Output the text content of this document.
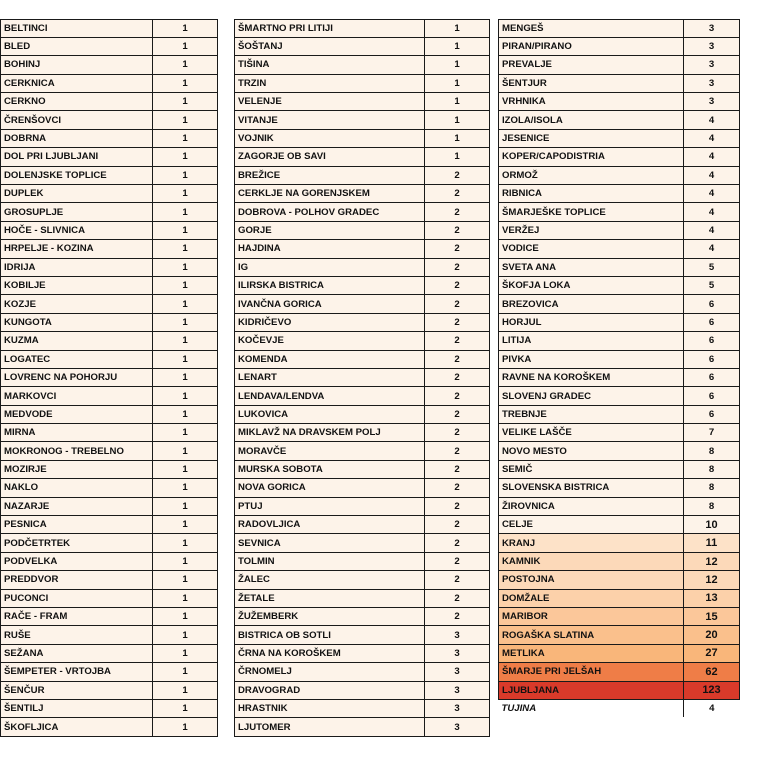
BELTINCI	1
BLED	1
BOHINJ	1
CERKNICA	1
CERKNO	1
ČRENŠOVCI	1
DOBRNA	1
DOL PRI LJUBLJANI	1
DOLENJSKE TOPLICE	1
DUPLEK	1
GROSUPLJE	1
HOČE - SLIVNICA	1
HRPELJE - KOZINA	1
IDRIJA	1
KOBILJE	1
KOZJE	1
KUNGOTA	1
KUZMA	1
LOGATEC	1
LOVRENC NA POHORJU	1
MARKOVCI	1
MEDVODE	1
MIRNA	1
MOKRONOG - TREBELNO	1
MOZIRJE	1
NAKLO	1
NAZARJE	1
PESNICA	1
PODČETRTEK	1
PODVELKA	1
PREDDVOR	1
PUCONCI	1
RAČE - FRAM	1
RUŠE	1
SEŽANA	1
ŠEMPETER - VRTOJBA	1
ŠENČUR	1
ŠENTILJ	1
ŠKOFLJICA	1
ŠMARTNO PRI LITIJI	1
ŠOŠTANJ	1
TIŠINA	1
TRZIN	1
VELENJE	1
VITANJE	1
VOJNIK	1
ZAGORJE OB SAVI	1
BREŽICE	2
CERKLJE NA GORENJSKEM	2
DOBROVA - POLHOV GRADEC	2
GORJE	2
HAJDINA	2
IG	2
ILIRSKA BISTRICA	2
IVANČNA GORICA	2
KIDRIČEVO	2
KOČEVJE	2
KOMENDA	2
LENART	2
LENDAVA/LENDVA	2
LUKOVICA	2
MIKLAVŽ NA DRAVSKEM POLJ	2
MORAVČE	2
MURSKA SOBOTA	2
NOVA GORICA	2
PTUJ	2
RADOVLJICA	2
SEVNICA	2
TOLMIN	2
ŽALEC	2
ŽETALE	2
ŽUŽEMBERK	2
BISTRICA OB SOTLI	3
ČRNA NA KOROŠKEM	3
ČRNOMELJ	3
DRAVOGRAD	3
HRASTNIK	3
LJUTOMER	3
MENGEŠ	3
PIRAN/PIRANO	3
PREVALJE	3
ŠENTJUR	3
VRHNIKA	3
IZOLA/ISOLA	4
JESENICE	4
KOPER/CAPODISTRIA	4
ORMOŽ	4
RIBNICA	4
ŠMARJEŠKE TOPLICE	4
VERŽEJ	4
VODICE	4
SVETA ANA	5
ŠKOFJA LOKA	5
BREZOVICA	6
HORJUL	6
LITIJA	6
PIVKA	6
RAVNE NA KOROŠKEM	6
SLOVENJ GRADEC	6
TREBNJE	6
VELIKE LAŠČE	7
NOVO MESTO	8
SEMIČ	8
SLOVENSKA BISTRICA	8
ŽIROVNICA	8
CELJE	10
KRANJ	11
KAMNIK	12
POSTOJNA	12
DOMŽALE	13
MARIBOR	15
ROGAŠKA SLATINA	20
METLIKA	27
ŠMARJE PRI JELŠAH	62
LJUBLJANA	123
TUJINA	4
